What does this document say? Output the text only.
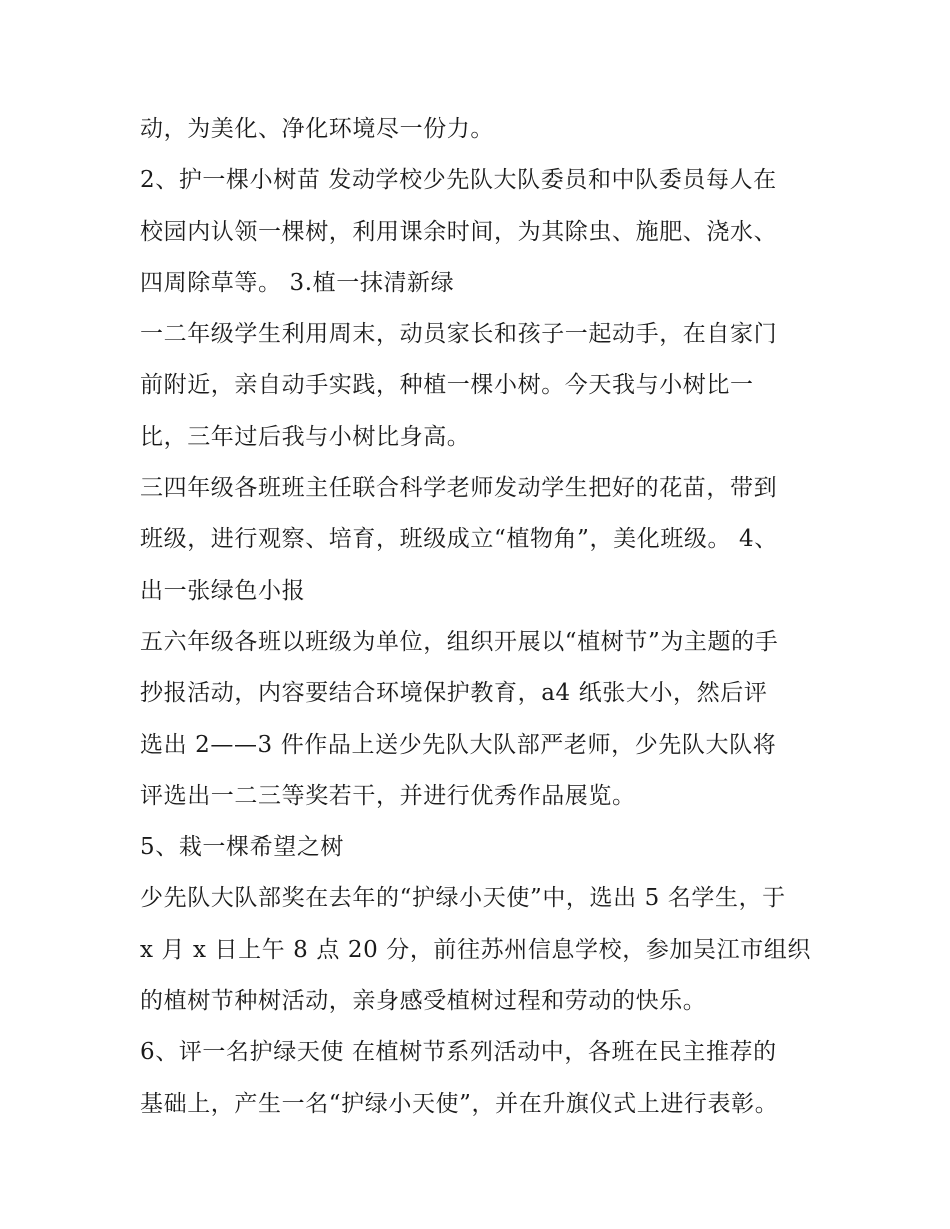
动，为美化、净化环境尽一份力。
2、护一棵小树苗 发动学校少先队大队委员和中队委员每人在
校园内认领一棵树，利用课余时间，为其除虫、施肥、浇水、
四周除草等。 3.植一抹清新绿
一二年级学生利用周末，动员家长和孩子一起动手，在自家门
前附近，亲自动手实践，种植一棵小树。今天我与小树比一
比，三年过后我与小树比身高。
三四年级各班班主任联合科学老师发动学生把好的花苗，带到
班级，进行观察、培育，班级成立“植物角”，美化班级。 4、
出一张绿色小报
五六年级各班以班级为单位，组织开展以“植树节”为主题的手
抄报活动，内容要结合环境保护教育，a4 纸张大小，然后评
选出 2——3 件作品上送少先队大队部严老师，少先队大队将
评选出一二三等奖若干，并进行优秀作品展览。
5、栽一棵希望之树
少先队大队部奖在去年的“护绿小天使”中，选出 5 名学生，于
x 月 x 日上午 8 点 20 分，前往苏州信息学校，参加吴江市组织
的植树节种树活动，亲身感受植树过程和劳动的快乐。
6、评一名护绿天使 在植树节系列活动中，各班在民主推荐的
基础上，产生一名“护绿小天使”，并在升旗仪式上进行表彰。
